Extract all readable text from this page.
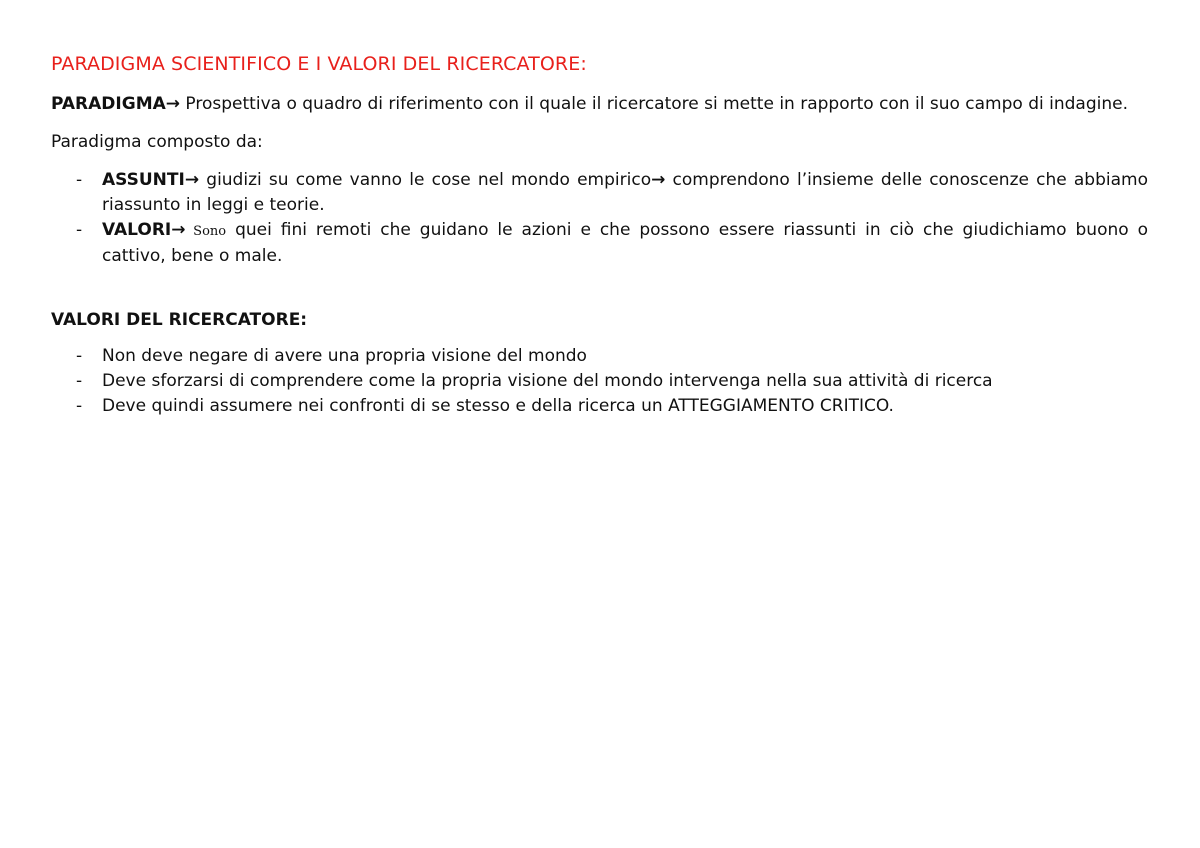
PARADIGMA SCIENTIFICO E I VALORI DEL RICERCATORE:

PARADIGMA→ Prospettiva o quadro di riferimento con il quale il ricercatore si mette in rapporto con il suo campo di indagine.

Paradigma composto da:

- ASSUNTI→ giudizi su come vanno le cose nel mondo empirico→ comprendono l’insieme delle conoscenze che abbiamo riassunto in leggi e teorie.
- VALORI→ Sono quei fini remoti che guidano le azioni e che possono essere riassunti in ciò che giudichiamo buono o cattivo, bene o male.

VALORI DEL RICERCATORE:

- Non deve negare di avere una propria visione del mondo
- Deve sforzarsi di comprendere come la propria visione del mondo intervenga nella sua attività di ricerca
- Deve quindi assumere nei confronti di se stesso e della ricerca un ATTEGGIAMENTO CRITICO.
